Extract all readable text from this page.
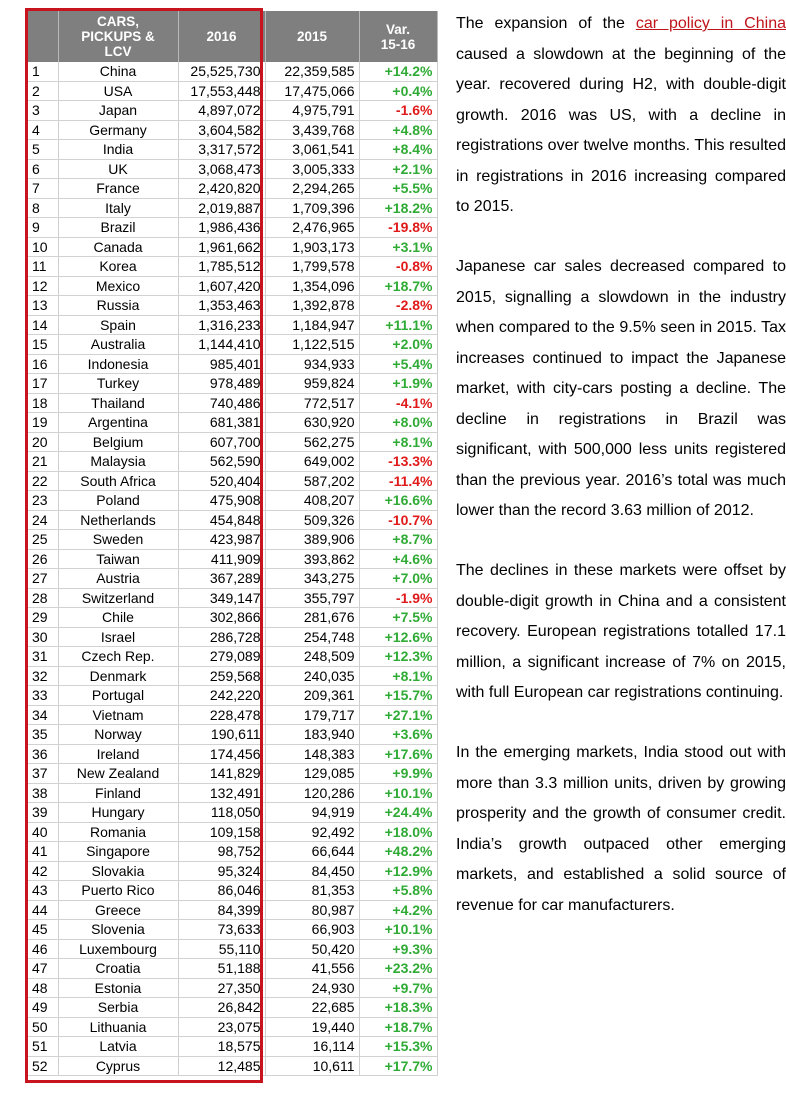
	CARS,
PICKUPS &
LCV	2016	2015	Var.
15-16
1	China	25,525,730	22,359,585	+14.2%
2	USA	17,553,448	17,475,066	+0.4%
3	Japan	4,897,072	4,975,791	-1.6%
4	Germany	3,604,582	3,439,768	+4.8%
5	India	3,317,572	3,061,541	+8.4%
6	UK	3,068,473	3,005,333	+2.1%
7	France	2,420,820	2,294,265	+5.5%
8	Italy	2,019,887	1,709,396	+18.2%
9	Brazil	1,986,436	2,476,965	-19.8%
10	Canada	1,961,662	1,903,173	+3.1%
11	Korea	1,785,512	1,799,578	-0.8%
12	Mexico	1,607,420	1,354,096	+18.7%
13	Russia	1,353,463	1,392,878	-2.8%
14	Spain	1,316,233	1,184,947	+11.1%
15	Australia	1,144,410	1,122,515	+2.0%
16	Indonesia	985,401	934,933	+5.4%
17	Turkey	978,489	959,824	+1.9%
18	Thailand	740,486	772,517	-4.1%
19	Argentina	681,381	630,920	+8.0%
20	Belgium	607,700	562,275	+8.1%
21	Malaysia	562,590	649,002	-13.3%
22	South Africa	520,404	587,202	-11.4%
23	Poland	475,908	408,207	+16.6%
24	Netherlands	454,848	509,326	-10.7%
25	Sweden	423,987	389,906	+8.7%
26	Taiwan	411,909	393,862	+4.6%
27	Austria	367,289	343,275	+7.0%
28	Switzerland	349,147	355,797	-1.9%
29	Chile	302,866	281,676	+7.5%
30	Israel	286,728	254,748	+12.6%
31	Czech Rep.	279,089	248,509	+12.3%
32	Denmark	259,568	240,035	+8.1%
33	Portugal	242,220	209,361	+15.7%
34	Vietnam	228,478	179,717	+27.1%
35	Norway	190,611	183,940	+3.6%
36	Ireland	174,456	148,383	+17.6%
37	New Zealand	141,829	129,085	+9.9%
38	Finland	132,491	120,286	+10.1%
39	Hungary	118,050	94,919	+24.4%
40	Romania	109,158	92,492	+18.0%
41	Singapore	98,752	66,644	+48.2%
42	Slovakia	95,324	84,450	+12.9%
43	Puerto Rico	86,046	81,353	+5.8%
44	Greece	84,399	80,987	+4.2%
45	Slovenia	73,633	66,903	+10.1%
46	Luxembourg	55,110	50,420	+9.3%
47	Croatia	51,188	41,556	+23.2%
48	Estonia	27,350	24,930	+9.7%
49	Serbia	26,842	22,685	+18.3%
50	Lithuania	23,075	19,440	+18.7%
51	Latvia	18,575	16,114	+15.3%
52	Cyprus	12,485	10,611	+17.7%

The expansion of the car policy in China caused a slowdown at the beginning of the year. recovered during H2, with double-digit growth. 2016 was US, with a decline in registrations over twelve months. This resulted in registrations in 2016 increasing compared to 2015.

Japanese car sales decreased compared to 2015, signalling a slowdown in the industry when compared to the 9.5% seen in 2015. Tax increases continued to impact the Japanese market, with city-cars posting a decline. The decline in registrations in Brazil was significant, with 500,000 less units registered than the previous year. 2016’s total was much lower than the record 3.63 million of 2012.

The declines in these markets were offset by double-digit growth in China and a consistent recovery. European registrations totalled 17.1 million, a significant increase of 7% on 2015, with full European car registrations continuing.

In the emerging markets, India stood out with more than 3.3 million units, driven by growing prosperity and the growth of consumer credit. India’s growth outpaced other emerging markets, and established a solid source of revenue for car manufacturers.
